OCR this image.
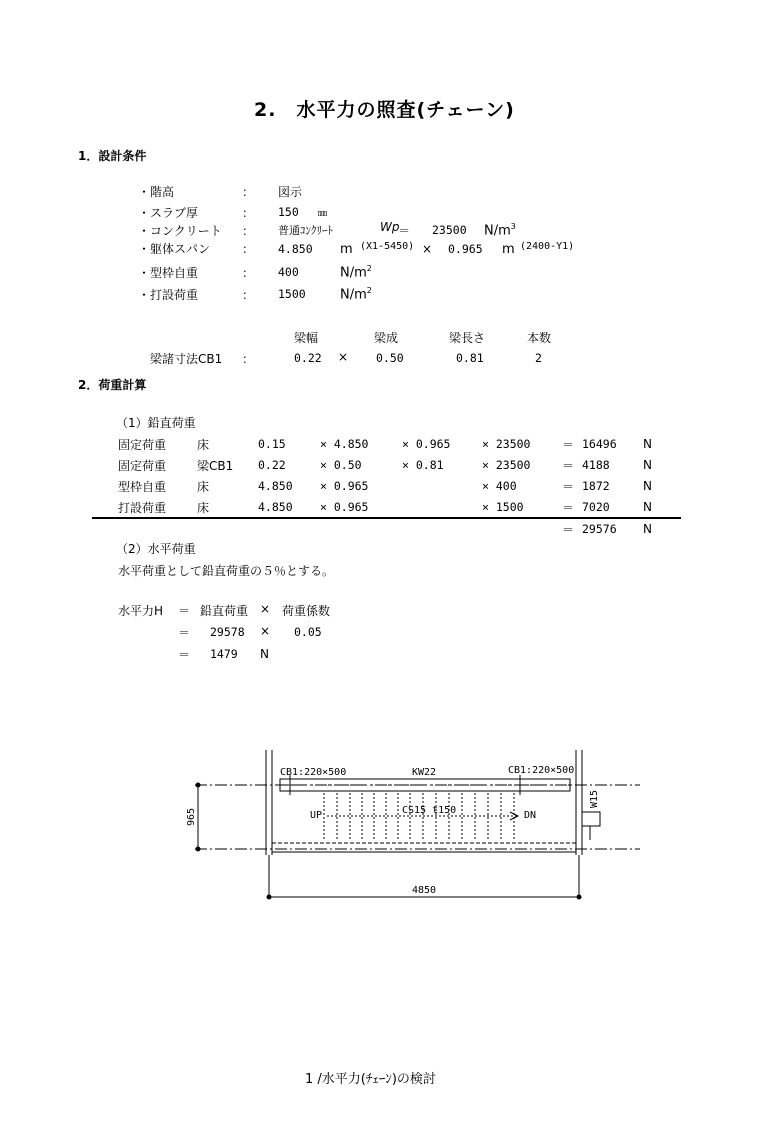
2.　水平力の照査(チェーン)
1．設計条件
・階高	： 図示
・スラブ厚	： 150 ㎜
・コンクリート ： 普通ｺﾝｸﾘｰﾄ	Wp
＝ 23500 $N/m^3$
・躯体スパン	： 4.850 m (X1-5450) × 0.965 m (2400-Y1)
・型枠自重	： 400	$N/m^2$
・打設荷重	： 1500	$N/m^2$
梁幅	梁成	梁長さ	本数
梁諸寸法CB1 ：	0.22 × 0.50	0.81	2
2．荷重計算
（1）鉛直荷重
固定荷重	床	0.15	× 4.850	× 0.965	× 23500	＝ 16496 N
固定荷重	梁CB1 0.22	× 0.50	× 0.81	× 23500	＝ 4188	N
型枠自重	床	4.850 × 0.965	× 400	＝ 1872	N
打設荷重	床	4.850 × 0.965	× 1500	＝ 7020	N
＝ 29576 N
（2）水平荷重
水平荷重として鉛直荷重の５％とする。
水平力H ＝ 鉛直荷重 × 荷重係数
＝ 29578 × 0.05
＝ 1479 N
CB1:220×500	KW22	CB1:220×500
UP	CS15 t150	DN
4850
965
W15
1 /水平力(ﾁｪｰﾝ)の検討
